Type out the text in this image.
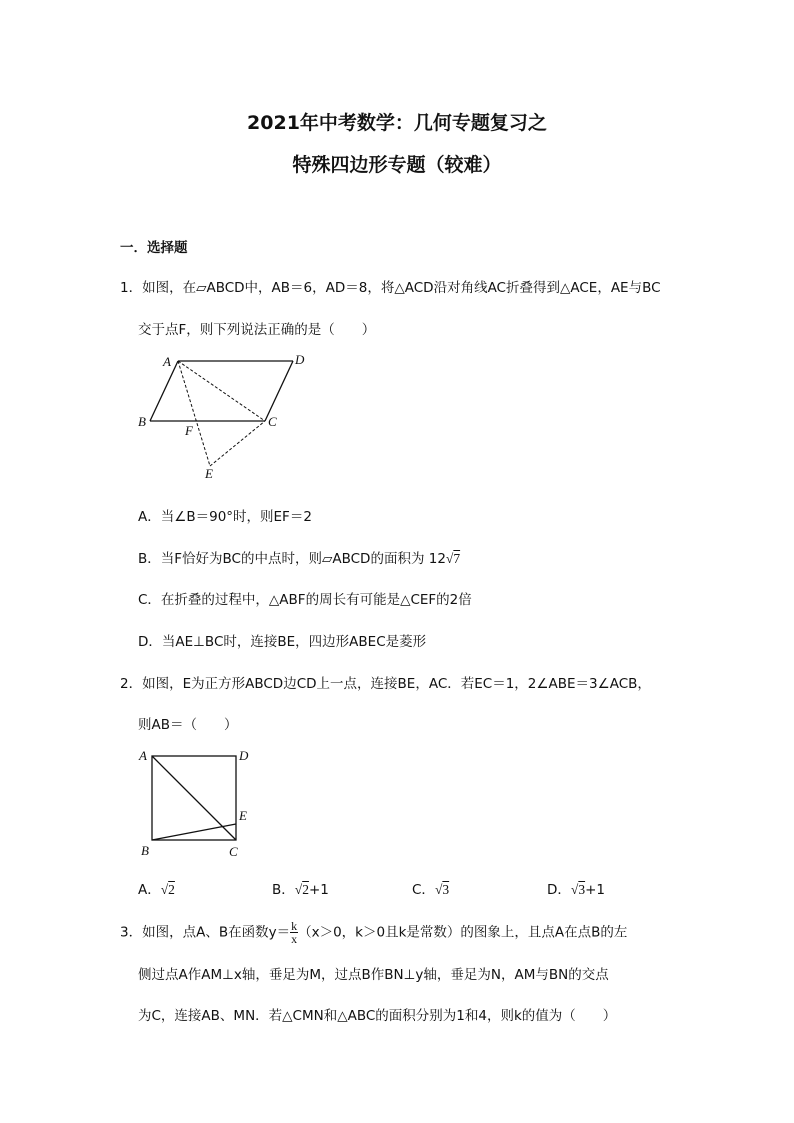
2021年中考数学：几何专题复习之
特殊四边形专题（较难）
一．选择题
1．如图，在▱ABCD中，AB＝6，AD＝8，将△ACD沿对角线AC折叠得到△ACE，AE与BC
交于点F，则下列说法正确的是（　　）
A	D
B	C
F
E
A．当∠B＝90°时，则EF＝2
B．当F恰好为BC的中点时，则▱ABCD的面积为 12√7
C．在折叠的过程中，△ABF的周长有可能是△CEF的2倍
D．当AE⊥BC时，连接BE，四边形ABEC是菱形
2．如图，E为正方形ABCD边CD上一点，连接BE，AC．若EC＝1，2∠ABE＝3∠ACB，
则AB＝（　　）
A	D
E
B	C
A．√2	B．√2+1	C．√3	D．√3+1
3．如图，点A、B在函数$y= \frac{k}{x} (x>0$，k＞0且k是常数）的图象上，且点A在点B的左
侧过点A作AM⊥x轴，垂足为M，过点B作BN⊥y轴，垂足为N，AM与BN的交点
为C，连接AB、MN．若△CMN和△ABC的面积分别为1和4，则k的值为（　　）
